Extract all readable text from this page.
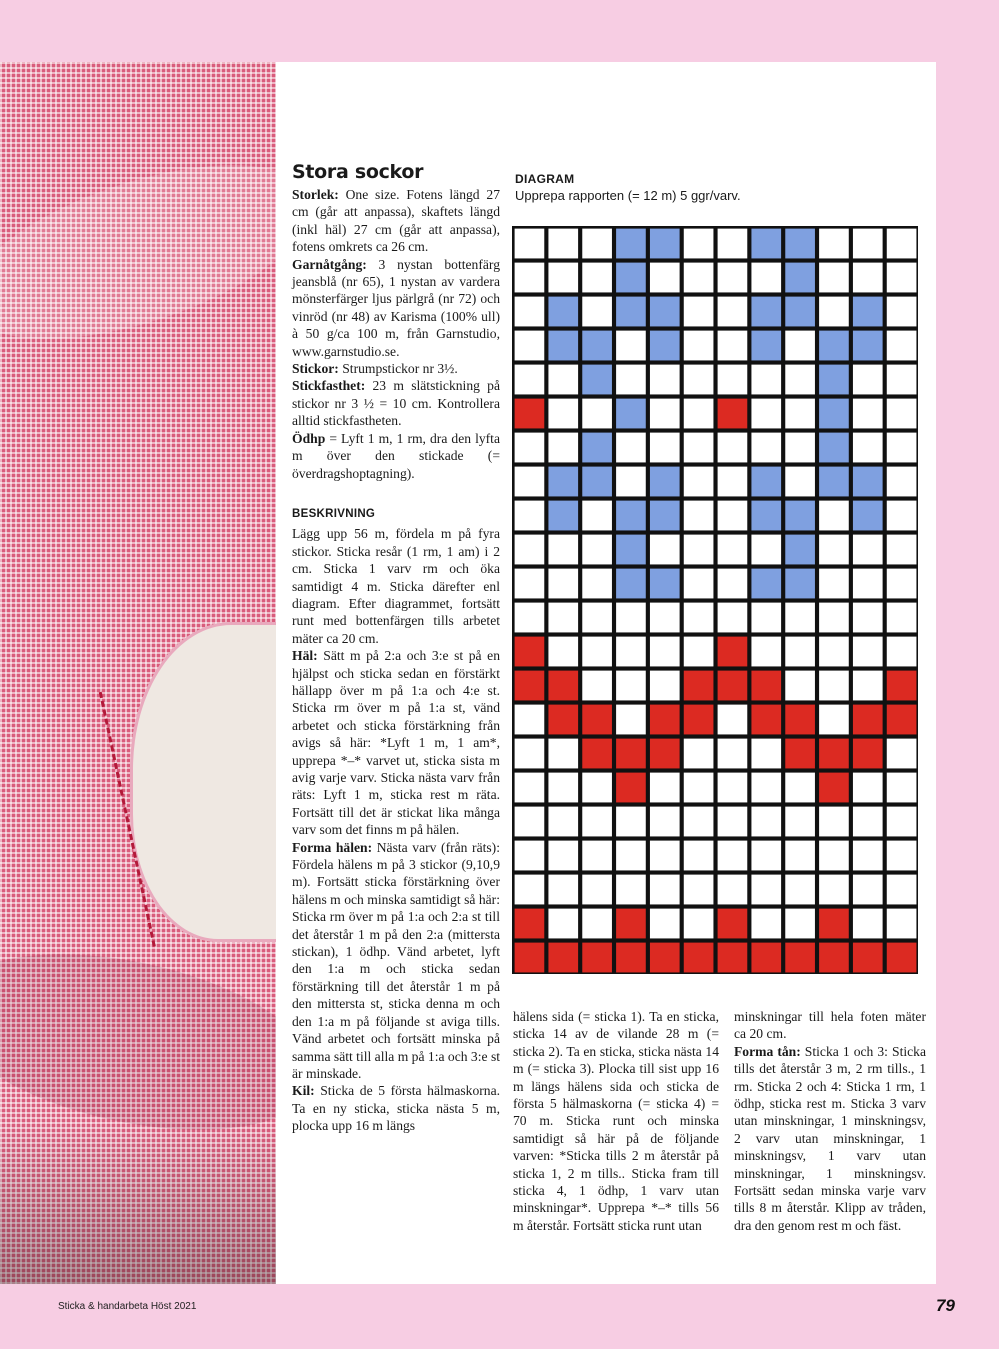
Stora sockor

Storlek: One size. Fotens längd 27 cm (går att anpassa), skaftets längd (inkl häl) 27 cm (går att anpassa), fotens omkrets ca 26 cm.

Garnåtgång: 3 nystan bottenfärg jeansblå (nr 65), 1 nystan av vardera mönsterfärger ljus pärlgrå (nr 72) och vinröd (nr 48) av Karisma (100% ull) à 50 g/ca 100 m, från Garnstudio, www.garnstudio.se.

Stickor: Strumpstickor nr 3½.

Stickfasthet: 23 m slätstickning på stickor nr 3 ½ = 10 cm. Kontrollera alltid stickfastheten.

Ödhp = Lyft 1 m, 1 rm, dra den lyfta m över den stickade (= överdragshoptagning).

BESKRIVNING

Lägg upp 56 m, fördela m på fyra stickor. Sticka resår (1 rm, 1 am) i 2 cm. Sticka 1 varv rm och öka samtidigt 4 m. Sticka därefter enl diagram. Efter diagrammet, fortsätt runt med bottenfärgen tills arbetet mäter ca 20 cm.

Häl: Sätt m på 2:a och 3:e st på en hjälpst och sticka sedan en förstärkt hällapp över m på 1:a och 4:e st. Sticka rm över m på 1:a st, vänd arbetet och sticka förstärkning från avigs så här: *Lyft 1 m, 1 am*, upprepa *–* varvet ut, sticka sista m avig varje varv. Sticka nästa varv från räts: Lyft 1 m, sticka rest m räta. Fortsätt till det är stickat lika många varv som det finns m på hälen.

Forma hälen: Nästa varv (från räts): Fördela hälens m på 3 stickor (9,10,9 m). Fortsätt sticka förstärkning över hälens m och minska samtidigt så här: Sticka rm över m på 1:a och 2:a st till det återstår 1 m på den 2:a (mittersta stickan), 1 ödhp. Vänd arbetet, lyft den 1:a m och sticka sedan förstärkning till det återstår 1 m på den mittersta st, sticka denna m och den 1:a m på följande st aviga tills. Vänd arbetet och fortsätt minska på samma sätt till alla m på 1:a och 3:e st är minskade.

Kil: Sticka de 5 första hälmaskorna. Ta en ny sticka, sticka nästa 5 m, plocka upp 16 m längs

DIAGRAM
Upprepa rapporten (= 12 m) 5 ggr/varv.

hälens sida (= sticka 1). Ta en sticka, sticka 14 av de vilande 28 m (= sticka 2). Ta en sticka, sticka nästa 14 m (= sticka 3). Plocka till sist upp 16 m längs hälens sida och sticka de första 5 hälmaskorna (= sticka 4) = 70 m. Sticka runt och minska samtidigt så här på de följande varven: *Sticka tills 2 m återstår på sticka 1, 2 m tills.. Sticka fram till sticka 4, 1 ödhp, 1 varv utan minskningar*. Upprepa *–* tills 56 m återstår. Fortsätt sticka runt utan

minskningar till hela foten mäter ca 20 cm.

Forma tån: Sticka 1 och 3: Sticka tills det återstår 3 m, 2 rm tills., 1 rm. Sticka 2 och 4: Sticka 1 rm, 1 ödhp, sticka rest m. Sticka 3 varv utan minskningar, 1 minskningsv, 2 varv utan minskningar, 1 minskningsv, 1 varv utan minskningar, 1 minskningsv. Fortsätt sedan minska varje varv tills 8 m återstår. Klipp av tråden, dra den genom rest m och fäst.

Sticka & handarbeta Höst 2021	79
